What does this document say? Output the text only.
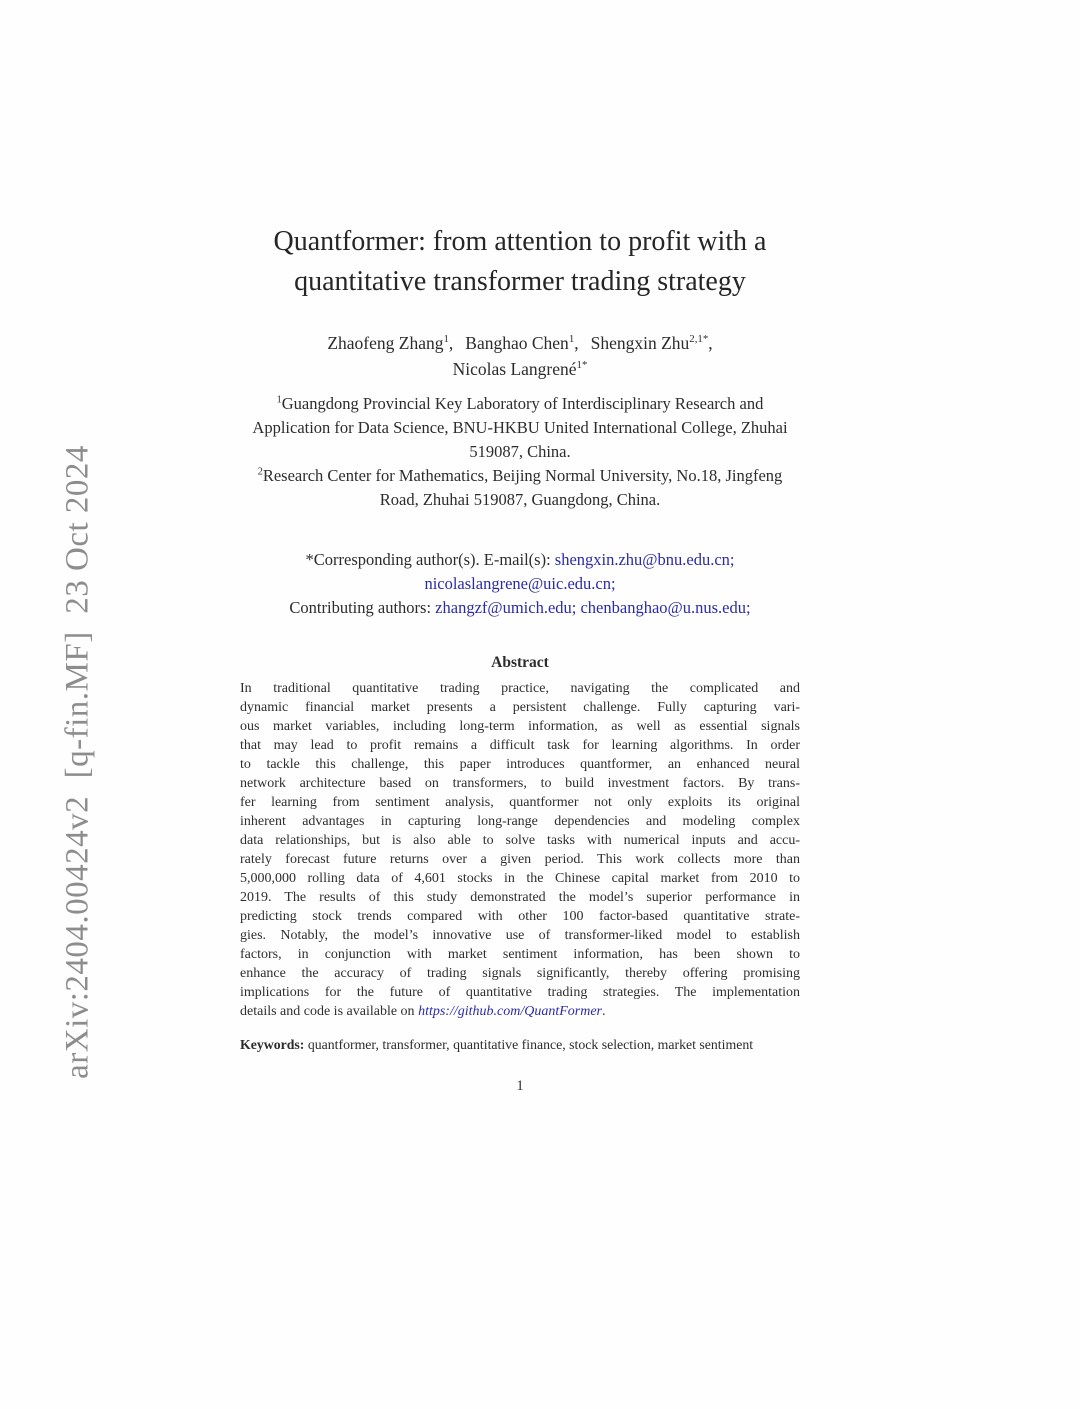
arXiv:2404.00424v2  [q-fin.MF]  23 Oct 2024
Quantformer: from attention to profit with a
quantitative transformer trading strategy
Zhaofeng Zhang$^1$, Banghao Chen$^1$, Shengxin Zhu$^{2,1*}$,
Nicolas Langrené$^{1*}$
$^1$Guangdong Provincial Key Laboratory of Interdisciplinary Research and Application for Data Science, BNU-HKBU United International College, Zhuhai 519087, China.
$^2$Research Center for Mathematics, Beijing Normal University, No.18, Jingfeng Road, Zhuhai 519087, Guangdong, China.
*Corresponding author(s). E-mail(s): shengxin.zhu@bnu.edu.cn;
nicolaslangrene@uic.edu.cn;
Contributing authors: zhangzf@umich.edu; chenbanghao@u.nus.edu;
Abstract
In traditional quantitative trading practice, navigating the complicated and
dynamic financial market presents a persistent challenge. Fully capturing vari-
ous market variables, including long-term information, as well as essential signals
that may lead to profit remains a difficult task for learning algorithms. In order
to tackle this challenge, this paper introduces quantformer, an enhanced neural
network architecture based on transformers, to build investment factors. By trans-
fer learning from sentiment analysis, quantformer not only exploits its original
inherent advantages in capturing long-range dependencies and modeling complex
data relationships, but is also able to solve tasks with numerical inputs and accu-
rately forecast future returns over a given period. This work collects more than
5,000,000 rolling data of 4,601 stocks in the Chinese capital market from 2010 to
2019. The results of this study demonstrated the model’s superior performance in
predicting stock trends compared with other 100 factor-based quantitative strate-
gies. Notably, the model’s innovative use of transformer-liked model to establish
factors, in conjunction with market sentiment information, has been shown to
enhance the accuracy of trading signals significantly, thereby offering promising
implications for the future of quantitative trading strategies. The implementation
details and code is available on https://github.com/QuantFormer.
Keywords: quantformer, transformer, quantitative finance, stock selection, market sentiment
1
